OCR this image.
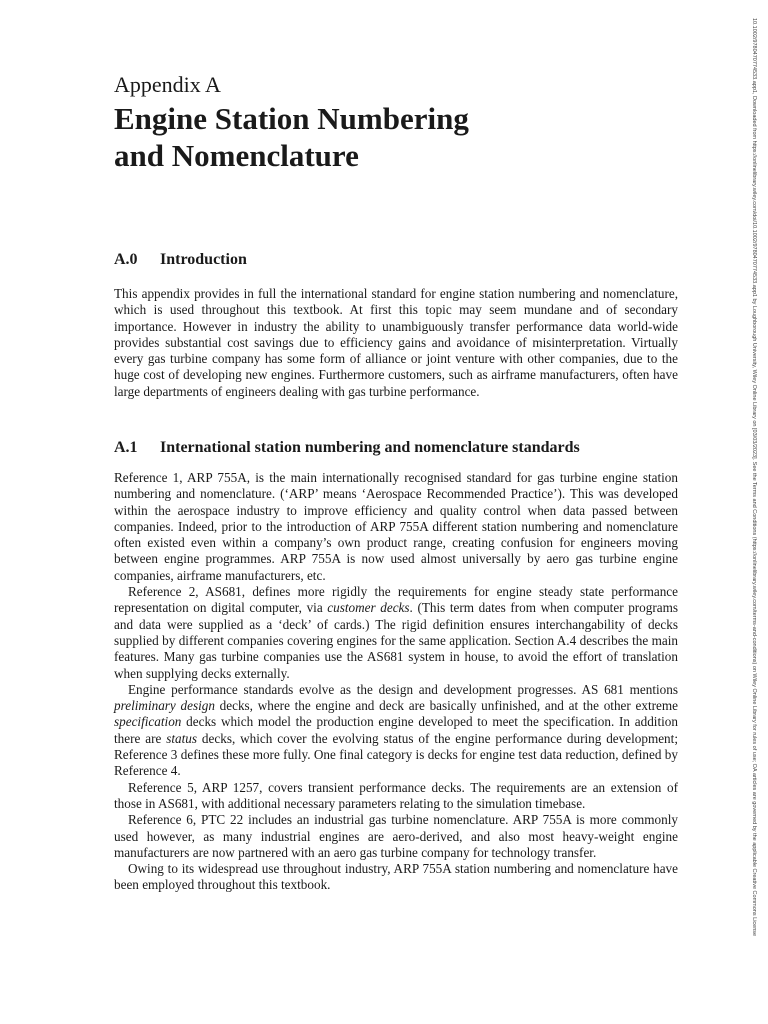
10.1002/9780470774533.app1, Downloaded from https://onlinelibrary.wiley.com/doi/10.1002/9780470774533.app1 by Loughborough University, Wiley Online Library on [03/03/2023]. See the Terms and Conditions (https://onlinelibrary.wiley.com/terms-and-conditions) on Wiley Online Library for rules of use; OA articles are governed by the applicable Creative Commons License
Appendix A
Engine Station Numbering
and Nomenclature
A.0 Introduction

This appendix provides in full the international standard for engine station numbering and nomenclature, which is used throughout this textbook. At first this topic may seem mundane and of secondary importance. However in industry the ability to unambiguously transfer performance data world-wide provides substantial cost savings due to efficiency gains and avoidance of misinterpretation. Virtually every gas turbine company has some form of alliance or joint venture with other companies, due to the huge cost of developing new engines. Furthermore customers, such as airframe manufacturers, often have large departments of engineers dealing with gas turbine performance.

A.1 International station numbering and nomenclature standards

Reference 1, ARP 755A, is the main internationally recognised standard for gas turbine engine station numbering and nomenclature. (‘ARP’ means ‘Aerospace Recommended Practice’). This was developed within the aerospace industry to improve efficiency and quality control when data passed between companies. Indeed, prior to the introduction of ARP 755A different station numbering and nomenclature often existed even within a company’s own product range, creating confusion for engineers moving between engine programmes. ARP 755A is now used almost universally by aero gas turbine engine companies, airframe manufacturers, etc.

Reference 2, AS681, defines more rigidly the requirements for engine steady state performance representation on digital computer, via customer decks. (This term dates from when computer programs and data were supplied as a ‘deck’ of cards.) The rigid definition ensures interchangability of decks supplied by different companies covering engines for the same application. Section A.4 describes the main features. Many gas turbine companies use the AS681 system in house, to avoid the effort of translation when supplying decks externally.

Engine performance standards evolve as the design and development progresses. AS 681 mentions preliminary design decks, where the engine and deck are basically unfinished, and at the other extreme specification decks which model the production engine developed to meet the specification. In addition there are status decks, which cover the evolving status of the engine performance during development; Reference 3 defines these more fully. One final category is decks for engine test data reduction, defined by Reference 4.

Reference 5, ARP 1257, covers transient performance decks. The requirements are an extension of those in AS681, with additional necessary parameters relating to the simulation timebase.

Reference 6, PTC 22 includes an industrial gas turbine nomenclature. ARP 755A is more commonly used however, as many industrial engines are aero-derived, and also most heavy-weight engine manufacturers are now partnered with an aero gas turbine company for technology transfer.

Owing to its widespread use throughout industry, ARP 755A station numbering and nomenclature have been employed throughout this textbook.
